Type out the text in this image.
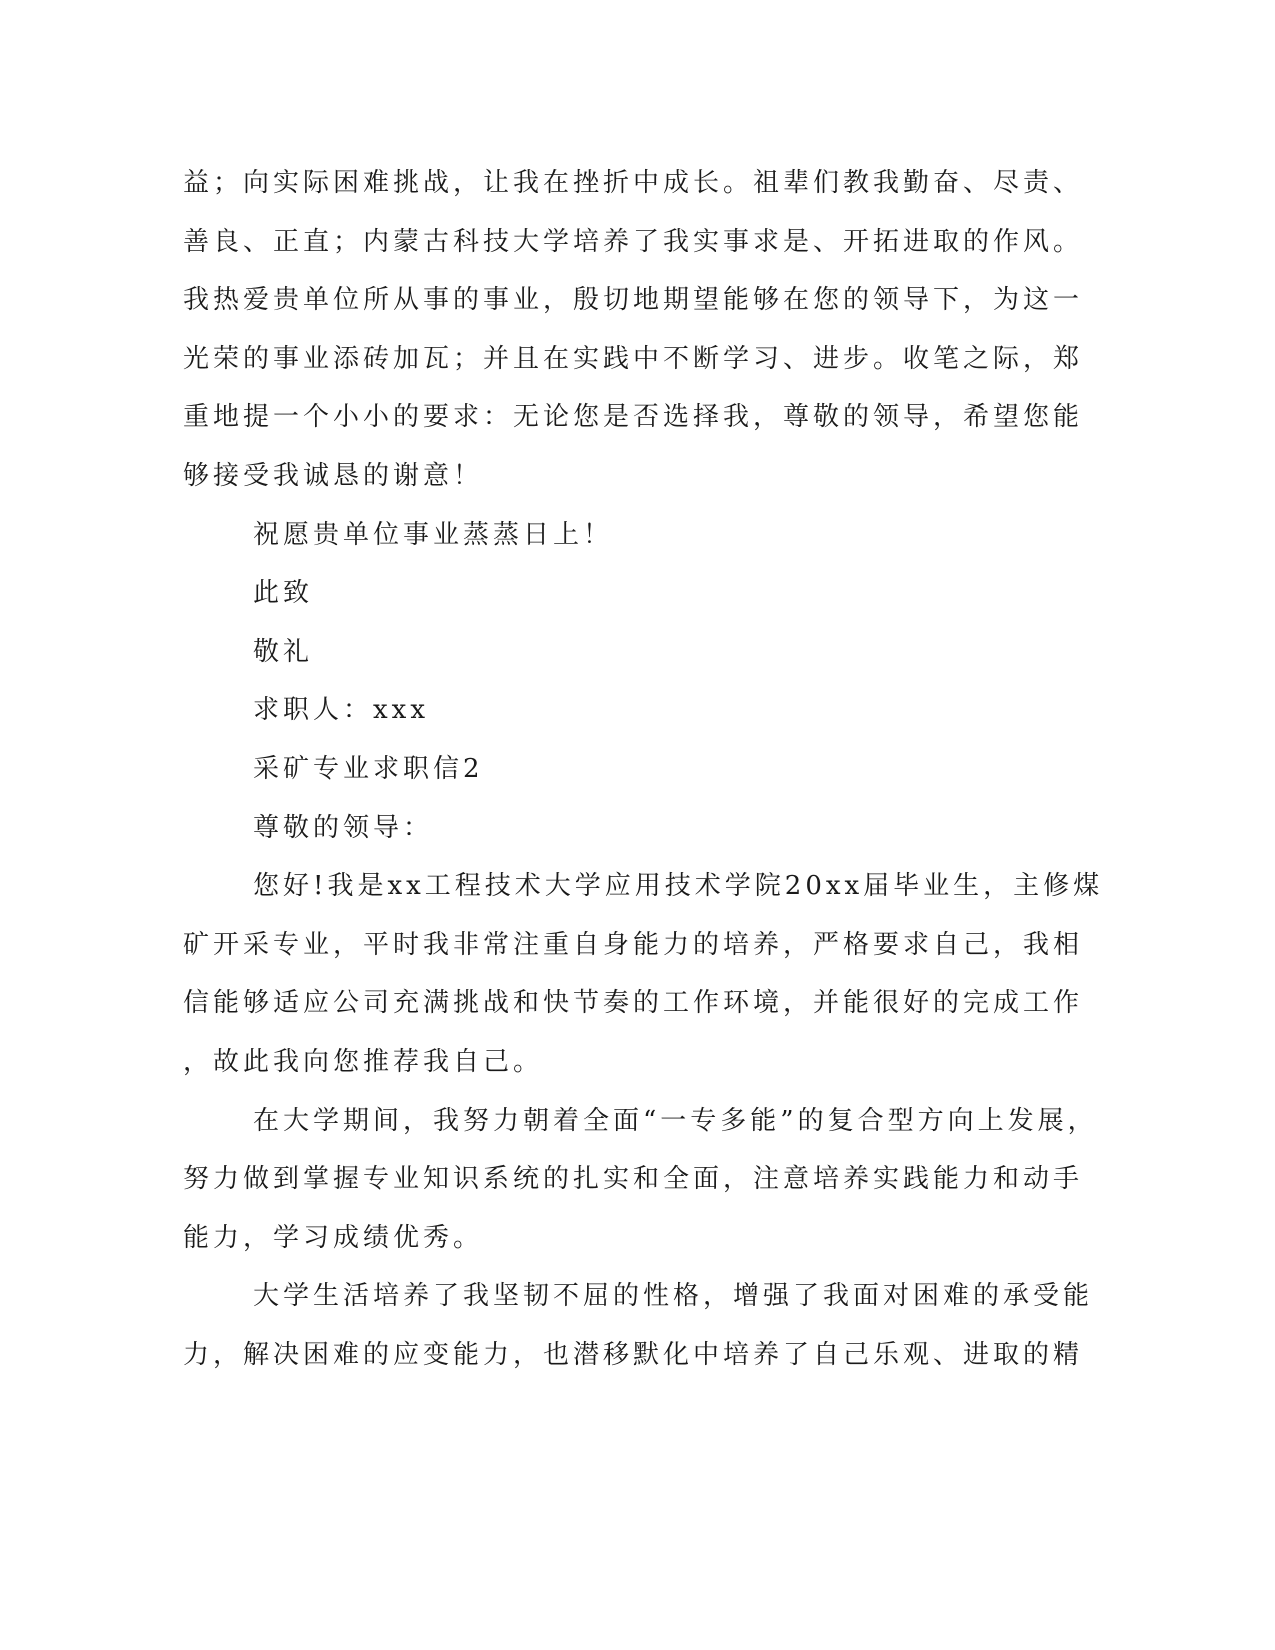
益；向实际困难挑战，让我在挫折中成长。祖辈们教我勤奋、尽责、
善良、正直；内蒙古科技大学培养了我实事求是、开拓进取的作风。
我热爱贵单位所从事的事业，殷切地期望能够在您的领导下，为这一
光荣的事业添砖加瓦；并且在实践中不断学习、进步。收笔之际，郑
重地提一个小小的要求：无论您是否选择我，尊敬的领导，希望您能
够接受我诚恳的谢意！
祝愿贵单位事业蒸蒸日上！
此致
敬礼
求职人：xxx
采矿专业求职信2
尊敬的领导：
您好!我是xx工程技术大学应用技术学院20xx届毕业生，主修煤
矿开采专业，平时我非常注重自身能力的培养，严格要求自己，我相
信能够适应公司充满挑战和快节奏的工作环境，并能很好的完成工作
，故此我向您推荐我自己。
在大学期间，我努力朝着全面“一专多能”的复合型方向上发展，
努力做到掌握专业知识系统的扎实和全面，注意培养实践能力和动手
能力，学习成绩优秀。
大学生活培养了我坚韧不屈的性格，增强了我面对困难的承受能
力，解决困难的应变能力，也潜移默化中培养了自己乐观、进取的精
